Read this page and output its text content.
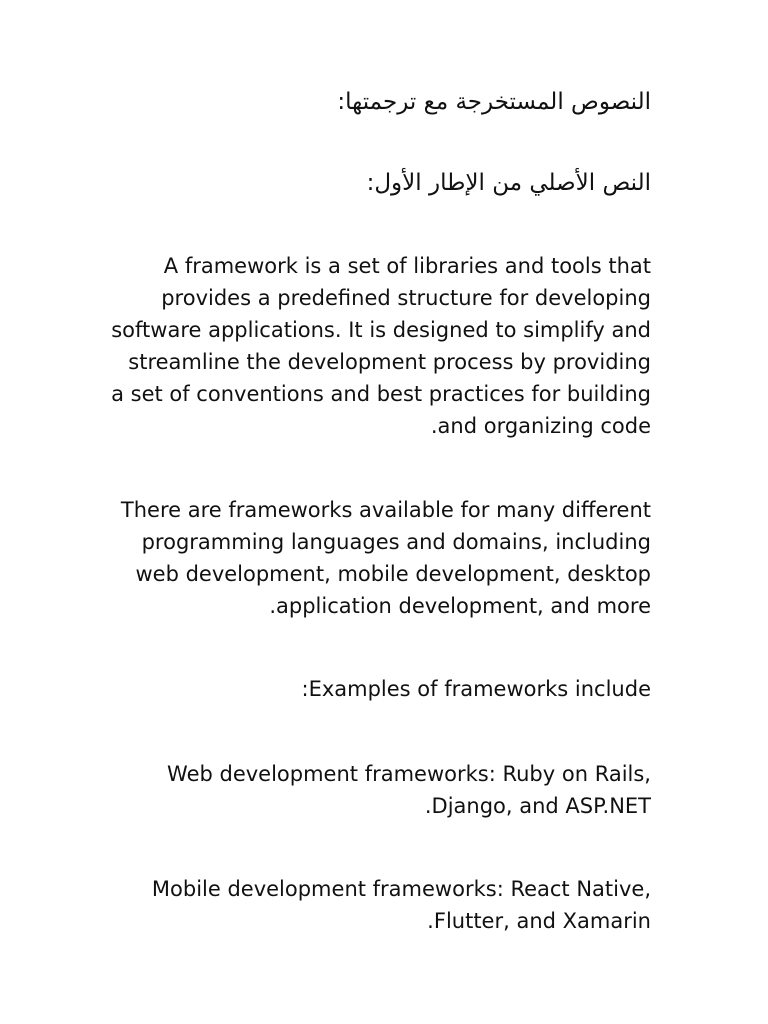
النصوص المستخرجة مع ترجمتها:

النص الأصلي من الإطار الأول:

A framework is a set of libraries and tools that provides a predefined structure for developing software applications. It is designed to simplify and streamline the development process by providing a set of conventions and best practices for building and organizing code.

There are frameworks available for many different programming languages and domains, including web development, mobile development, desktop application development, and more.

Examples of frameworks include:

Web development frameworks: Ruby on Rails, Django, and ASP.NET.

Mobile development frameworks: React Native, Flutter, and Xamarin.
